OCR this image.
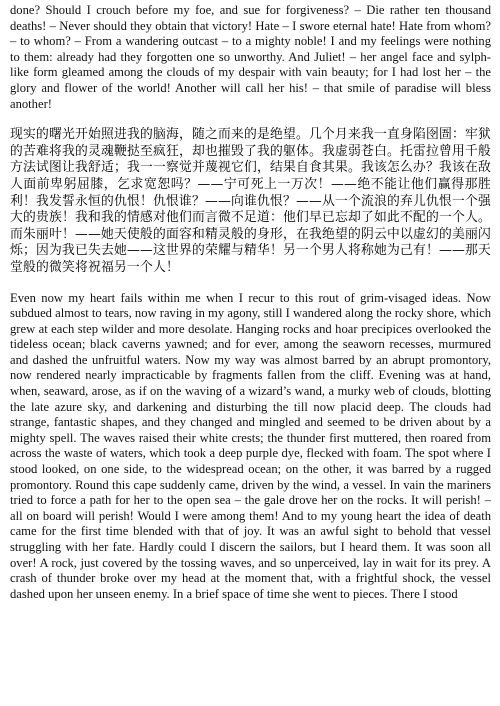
done? Should I crouch before my foe, and sue for forgiveness? – Die rather ten thousand deaths! – Never should they obtain that victory! Hate – I swore eternal hate! Hate from whom? – to whom? – From a wandering outcast – to a mighty noble! I and my feelings were nothing to them: already had they forgotten one so unworthy. And Juliet! – her angel face and sylph-like form gleamed among the clouds of my despair with vain beauty; for I had lost her – the glory and flower of the world! Another will call her his! – that smile of paradise will bless another!

现实的曙光开始照进我的脑海，随之而来的是绝望。几个月来我一直身陷囹圄：牢狱的苦难将我的灵魂鞭挞至疯狂，却也摧毁了我的躯体。我虚弱苍白。托雷拉曾用千般方法试图让我舒适；我一一察觉并蔑视它们，结果自食其果。我该怎么办？我该在敌人面前卑躬屈膝，乞求宽恕吗？——宁可死上一万次！——绝不能让他们赢得那胜利！我发誓永恒的仇恨！仇恨谁？——向谁仇恨？——从一个流浪的弃儿仇恨一个强大的贵族！我和我的情感对他们而言微不足道：他们早已忘却了如此不配的一个人。而朱丽叶！——她天使般的面容和精灵般的身形，在我绝望的阴云中以虚幻的美丽闪烁；因为我已失去她——这世界的荣耀与精华！另一个男人将称她为己有！——那天堂般的微笑将祝福另一个人！

Even now my heart fails within me when I recur to this rout of grim-visaged ideas. Now subdued almost to tears, now raving in my agony, still I wandered along the rocky shore, which grew at each step wilder and more desolate. Hanging rocks and hoar precipices overlooked the tideless ocean; black caverns yawned; and for ever, among the seaworn recesses, murmured and dashed the unfruitful waters. Now my way was almost barred by an abrupt promontory, now rendered nearly impracticable by fragments fallen from the cliff. Evening was at hand, when, seaward, arose, as if on the waving of a wizard’s wand, a murky web of clouds, blotting the late azure sky, and darkening and disturbing the till now placid deep. The clouds had strange, fantastic shapes, and they changed and mingled and seemed to be driven about by a mighty spell. The waves raised their white crests; the thunder first muttered, then roared from across the waste of waters, which took a deep purple dye, flecked with foam. The spot where I stood looked, on one side, to the widespread ocean; on the other, it was barred by a rugged promontory. Round this cape suddenly came, driven by the wind, a vessel. In vain the mariners tried to force a path for her to the open sea – the gale drove her on the rocks. It will perish! – all on board will perish! Would I were among them! And to my young heart the idea of death came for the first time blended with that of joy. It was an awful sight to behold that vessel struggling with her fate. Hardly could I discern the sailors, but I heard them. It was soon all over! A rock, just covered by the tossing waves, and so unperceived, lay in wait for its prey. A crash of thunder broke over my head at the moment that, with a frightful shock, the vessel dashed upon her unseen enemy. In a brief space of time she went to pieces. There I stood
